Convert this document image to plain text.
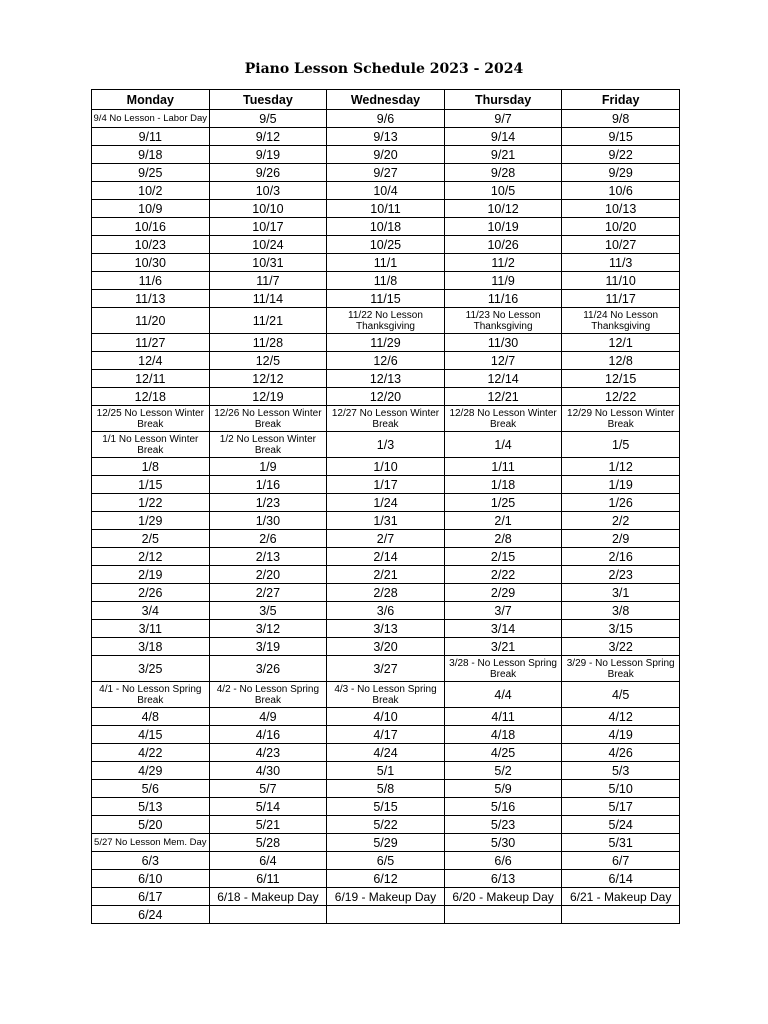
Piano Lesson Schedule 2023 - 2024
Monday	Tuesday	Wednesday	Thursday	Friday
9/4 No Lesson - Labor Day	9/5	9/6	9/7	9/8
9/11	9/12	9/13	9/14	9/15
9/18	9/19	9/20	9/21	9/22
9/25	9/26	9/27	9/28	9/29
10/2	10/3	10/4	10/5	10/6
10/9	10/10	10/11	10/12	10/13
10/16	10/17	10/18	10/19	10/20
10/23	10/24	10/25	10/26	10/27
10/30	10/31	11/1	11/2	11/3
11/6	11/7	11/8	11/9	11/10
11/13	11/14	11/15	11/16	11/17
11/20	11/21	11/22 No Lesson Thanksgiving	11/23 No Lesson Thanksgiving	11/24 No Lesson Thanksgiving
11/27	11/28	11/29	11/30	12/1
12/4	12/5	12/6	12/7	12/8
12/11	12/12	12/13	12/14	12/15
12/18	12/19	12/20	12/21	12/22
12/25 No Lesson Winter Break	12/26 No Lesson Winter Break	12/27 No Lesson Winter Break	12/28 No Lesson Winter Break	12/29 No Lesson Winter Break
1/1 No Lesson Winter Break	1/2 No Lesson Winter Break	1/3	1/4	1/5
1/8	1/9	1/10	1/11	1/12
1/15	1/16	1/17	1/18	1/19
1/22	1/23	1/24	1/25	1/26
1/29	1/30	1/31	2/1	2/2
2/5	2/6	2/7	2/8	2/9
2/12	2/13	2/14	2/15	2/16
2/19	2/20	2/21	2/22	2/23
2/26	2/27	2/28	2/29	3/1
3/4	3/5	3/6	3/7	3/8
3/11	3/12	3/13	3/14	3/15
3/18	3/19	3/20	3/21	3/22
3/25	3/26	3/27	3/28 - No Lesson Spring Break	3/29 - No Lesson Spring Break
4/1 - No Lesson Spring Break	4/2 - No Lesson Spring Break	4/3 - No Lesson Spring Break	4/4	4/5
4/8	4/9	4/10	4/11	4/12
4/15	4/16	4/17	4/18	4/19
4/22	4/23	4/24	4/25	4/26
4/29	4/30	5/1	5/2	5/3
5/6	5/7	5/8	5/9	5/10
5/13	5/14	5/15	5/16	5/17
5/20	5/21	5/22	5/23	5/24
5/27 No Lesson Mem. Day	5/28	5/29	5/30	5/31
6/3	6/4	6/5	6/6	6/7
6/10	6/11	6/12	6/13	6/14
6/17	6/18 - Makeup Day	6/19 - Makeup Day	6/20 - Makeup Day	6/21 - Makeup Day
6/24				
